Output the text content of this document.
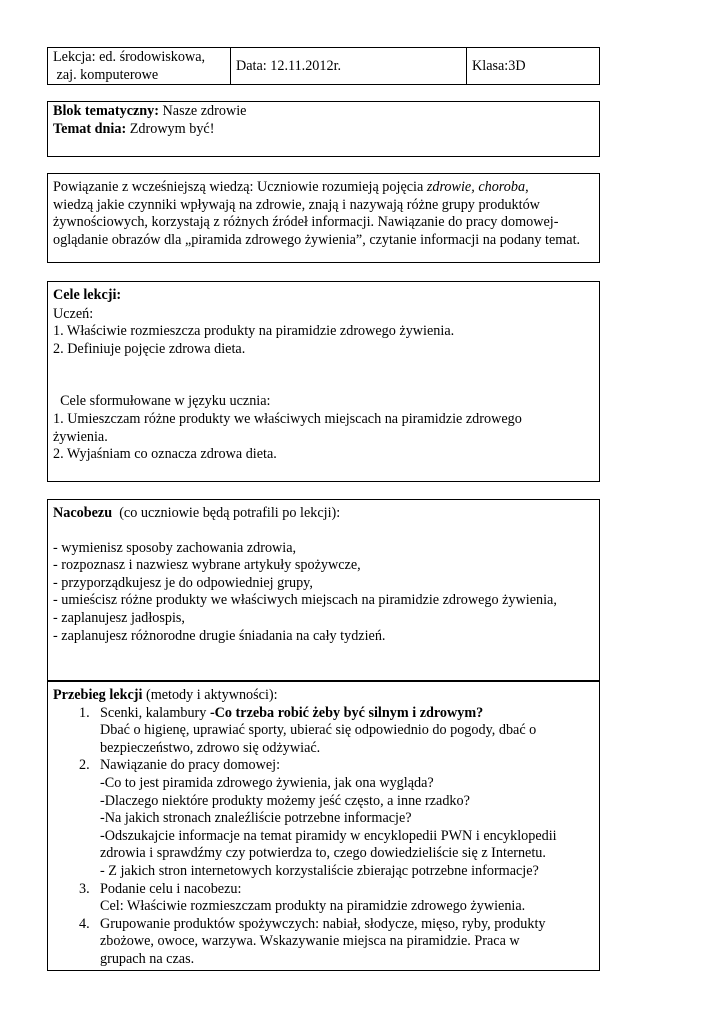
Lekcja: ed. środowiskowa,
zaj. komputerowe
Data: 12.11.2012r.	Klasa:3D
Blok tematyczny: Nasze zdrowie
Temat dnia: Zdrowym być!
Powiązanie z wcześniejszą wiedzą: Uczniowie rozumieją pojęcia zdrowie, choroba,
wiedzą jakie czynniki wpływają na zdrowie, znają i nazywają różne grupy produktów
żywnościowych, korzystają z różnych źródeł informacji. Nawiązanie do pracy domowej-
oglądanie obrazów dla „piramida zdrowego żywienia”, czytanie informacji na podany temat.
Cele lekcji:
Uczeń:
1. Właściwie rozmieszcza produkty na piramidzie zdrowego żywienia.
2. Definiuje pojęcie zdrowa dieta.
Cele sformułowane w języku ucznia:
1. Umieszczam różne produkty we właściwych miejscach na piramidzie zdrowego
żywienia.
2. Wyjaśniam co oznacza zdrowa dieta.
Nacobezu  (co uczniowie będą potrafili po lekcji):
- wymienisz sposoby zachowania zdrowia,
- rozpoznasz i nazwiesz wybrane artykuły spożywcze,
- przyporządkujesz je do odpowiedniej grupy,
- umieścisz różne produkty we właściwych miejscach na piramidzie zdrowego żywienia,
- zaplanujesz jadłospis,
- zaplanujesz różnorodne drugie śniadania na cały tydzień.
Przebieg lekcji (metody i aktywności):
1. Scenki, kalambury -Co trzeba robić żeby być silnym i zdrowym?
Dbać o higienę, uprawiać sporty, ubierać się odpowiednio do pogody, dbać o
bezpieczeństwo, zdrowo się odżywiać.
2. Nawiązanie do pracy domowej:
-Co to jest piramida zdrowego żywienia, jak ona wygląda?
-Dlaczego niektóre produkty możemy jeść często, a inne rzadko?
-Na jakich stronach znaleźliście potrzebne informacje?
-Odszukajcie informacje na temat piramidy w encyklopedii PWN i encyklopedii
zdrowia i sprawdźmy czy potwierdza to, czego dowiedzieliście się z Internetu.
- Z jakich stron internetowych korzystaliście zbierając potrzebne informacje?
3. Podanie celu i nacobezu:
Cel: Właściwie rozmieszczam produkty na piramidzie zdrowego żywienia.
4. Grupowanie produktów spożywczych: nabiał, słodycze, mięso, ryby, produkty
zbożowe, owoce, warzywa. Wskazywanie miejsca na piramidzie. Praca w
grupach na czas.
